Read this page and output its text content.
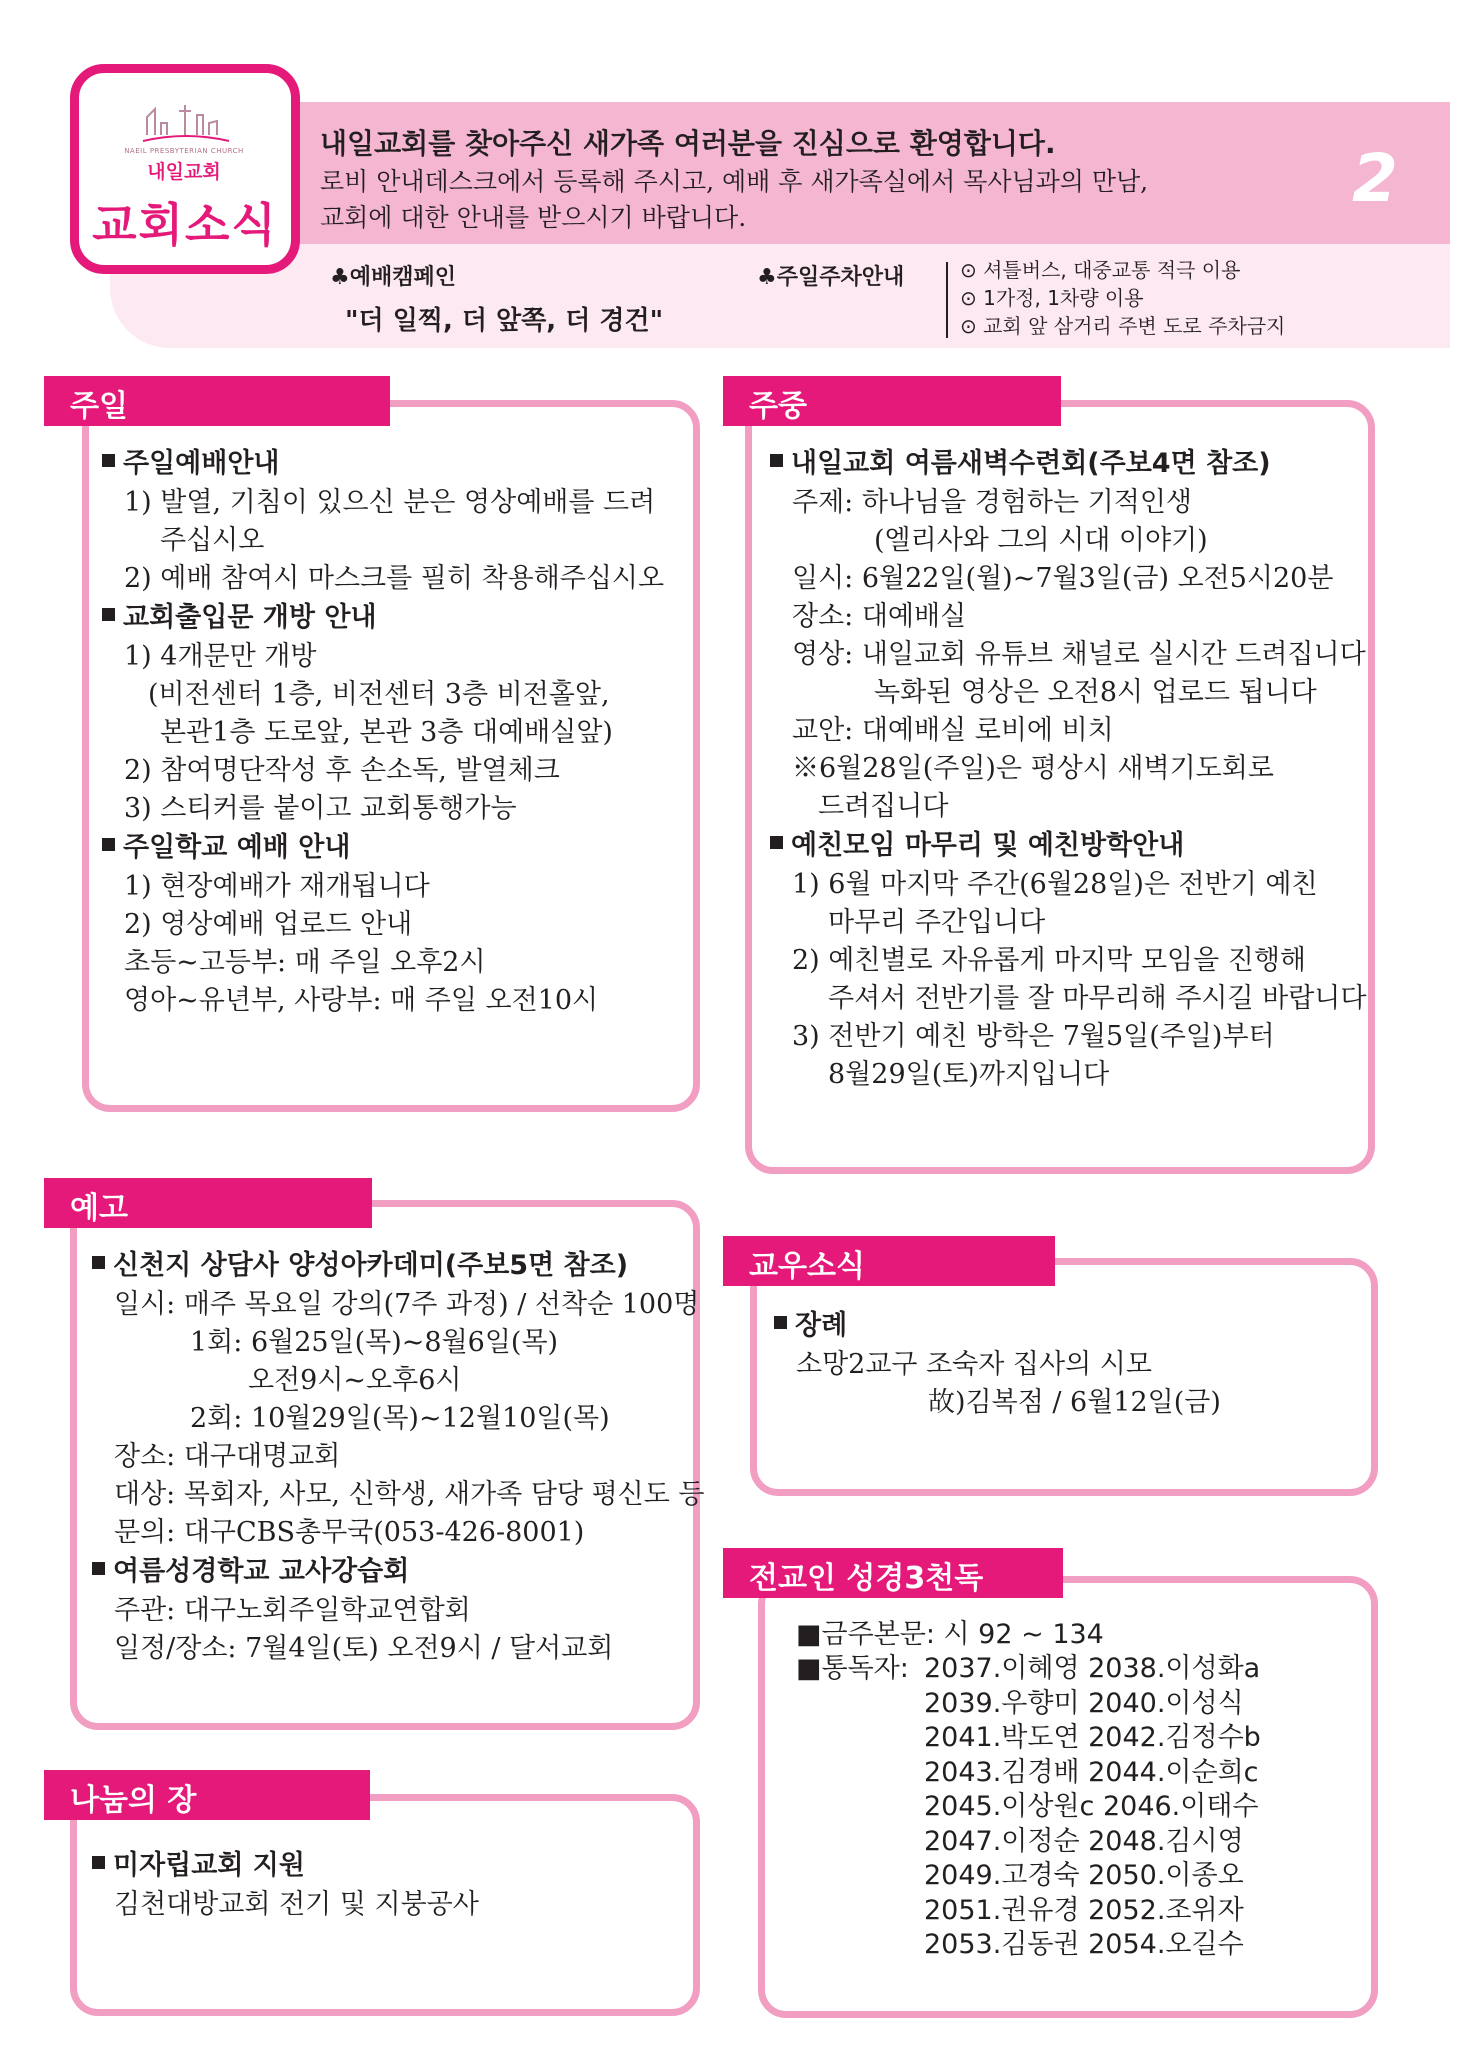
NAEIL PRESBYTERIAN CHURCH
내일교회
교회소식
내일교회를 찾아주신 새가족 여러분을 진심으로 환영합니다.
로비 안내데스크에서 등록해 주시고, 예배 후 새가족실에서 목사님과의 만남,
교회에 대한 안내를 받으시기 바랍니다.
2
♣예배캠페인
"더 일찍, 더 앞쪽, 더 경건"
♣주일주차안내	⊙ 셔틀버스, 대중교통 적극 이용
⊙ 1가정, 1차량 이용
⊙ 교회 앞 삼거리 주변 도로 주차금지
주일
주일예배안내
1) 발열, 기침이 있으신 분은 영상예배를 드려
주십시오
2) 예배 참여시 마스크를 필히 착용해주십시오
교회출입문 개방 안내
1) 4개문만 개방
(비전센터 1층, 비전센터 3층 비전홀앞,
본관1층 도로앞, 본관 3층 대예배실앞)
2) 참여명단작성 후 손소독, 발열체크
3) 스티커를 붙이고 교회통행가능
주일학교 예배 안내
1) 현장예배가 재개됩니다
2) 영상예배 업로드 안내
초등~고등부: 매 주일 오후2시
영아~유년부, 사랑부: 매 주일 오전10시
주중
내일교회 여름새벽수련회(주보4면 참조)
주제: 하나님을 경험하는 기적인생
(엘리사와 그의 시대 이야기)
일시: 6월22일(월)~7월3일(금) 오전5시20분
장소: 대예배실
영상: 내일교회 유튜브 채널로 실시간 드려집니다
녹화된 영상은 오전8시 업로드 됩니다
교안: 대예배실 로비에 비치
※6월28일(주일)은 평상시 새벽기도회로
드려집니다
예친모임 마무리 및 예친방학안내
1) 6월 마지막 주간(6월28일)은 전반기 예친
마무리 주간입니다
2) 예친별로 자유롭게 마지막 모임을 진행해
주셔서 전반기를 잘 마무리해 주시길 바랍니다
3) 전반기 예친 방학은 7월5일(주일)부터
8월29일(토)까지입니다
예고
신천지 상담사 양성아카데미(주보5면 참조)
일시: 매주 목요일 강의(7주 과정) / 선착순 100명
1회: 6월25일(목)~8월6일(목)
오전9시~오후6시
2회: 10월29일(목)~12월10일(목)
장소: 대구대명교회
대상: 목회자, 사모, 신학생, 새가족 담당 평신도 등
문의: 대구CBS총무국(053-426-8001)
여름성경학교 교사강습회
주관: 대구노회주일학교연합회
일정/장소: 7월4일(토) 오전9시 / 달서교회
나눔의 장
미자립교회 지원
김천대방교회 전기 및 지붕공사
교우소식
장례
소망2교구 조숙자 집사의 시모
故)김복점 / 6월12일(금)
전교인 성경3천독
■금주본문: 시 92 ~ 134
■통독자: 2037.이혜영 2038.이성화a
2039.우향미 2040.이성식
2041.박도연 2042.김정수b
2043.김경배 2044.이순희c
2045.이상원c 2046.이태수
2047.이정순 2048.김시영
2049.고경숙 2050.이종오
2051.권유경 2052.조위자
2053.김동권 2054.오길수
